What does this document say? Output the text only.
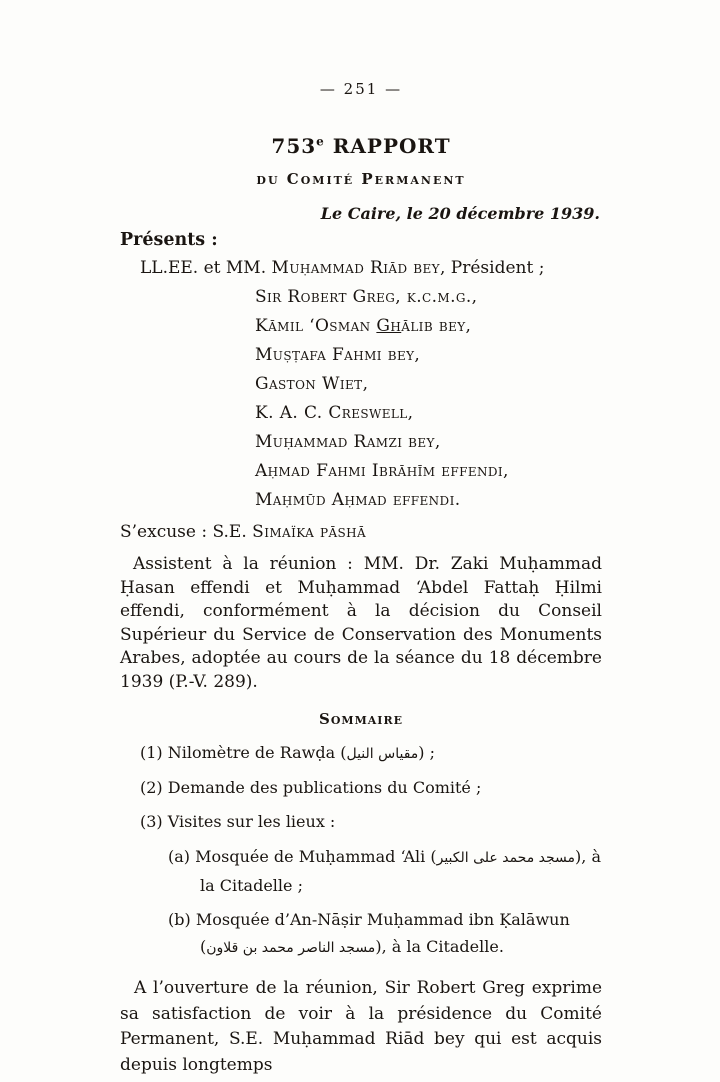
— 251 —
753e RAPPORT
du Comité Permanent
Le Caire, le 20 décembre 1939.
Présents :
LL.EE. et MM. Muḥammad Riād bey, Président ;
Sir Robert Greg, k.c.m.g.,
Kāmil ‘Osman Ghālib bey,
Muṣṭafa Fahmi bey,
Gaston Wiet,
K. A. C. Creswell,
Muḥammad Ramzi bey,
Aḥmad Fahmi Ibrāhīm effendi,
Maḥmūd Aḥmad effendi.
S’excuse : S.E. Simaïka pāshā

Assistent à la réunion : MM. Dr. Zaki Muḥammad Ḥasan effendi et Muḥammad ‘Abdel Fattaḥ Ḥilmi effendi, conformément à la décision du Conseil Supérieur du Service de Conservation des Monuments Arabes, adoptée au cours de la séance du 18 décembre 1939 (P.-V. 289).

Sommaire
(1) Nilomètre de Rawḍa (مقياس النيل) ;
(2) Demande des publications du Comité ;
(3) Visites sur les lieux :
(a) Mosquée de Muḥammad ‘Ali (مسجد محمد على الكبير), à la Citadelle ;
(b) Mosquée d’An-Nāṣir Muḥammad ibn Ḳalāwun (مسجد الناصر محمد بن قلاون), à la Citadelle.

A l’ouverture de la réunion, Sir Robert Greg exprime sa satisfaction de voir à la présidence du Comité Permanent, S.E. Muḥammad Riād bey qui est acquis depuis longtemps
